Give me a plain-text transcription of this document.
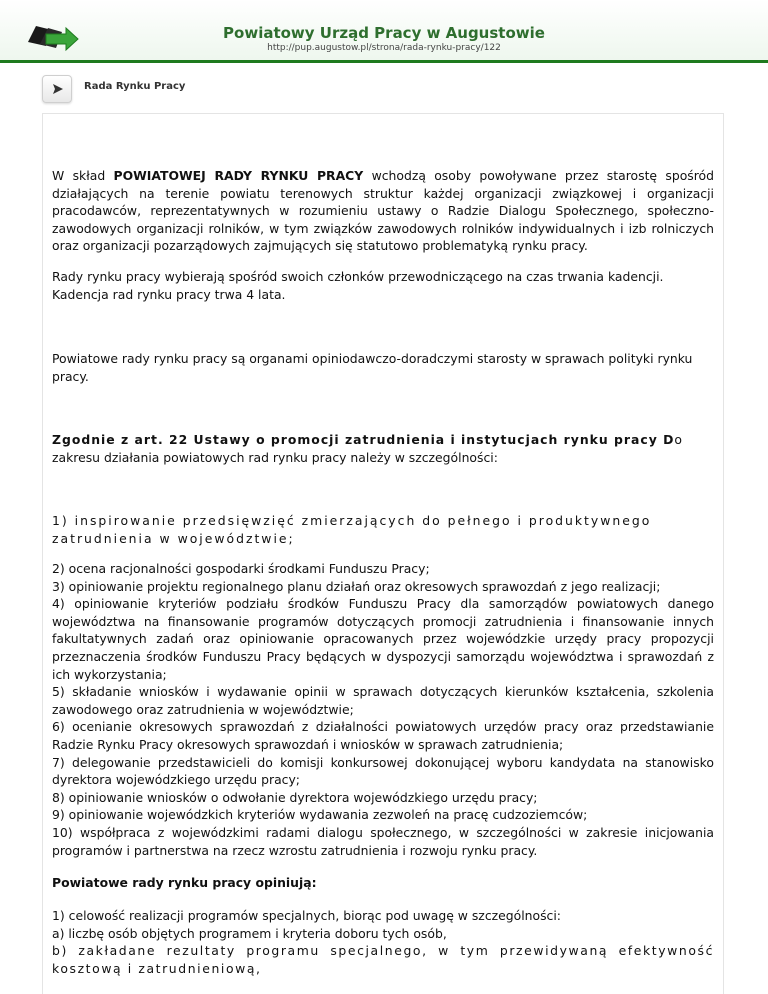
Powiatowy Urząd Pracy w Augustowie
http://pup.augustow.pl/strona/rada-rynku-pracy/122
Rada Rynku Pracy

W skład POWIATOWEJ RADY RYNKU PRACY wchodzą osoby powoływane przez starostę spośród działających na terenie powiatu terenowych struktur każdej organizacji związkowej i organizacji pracodawców, reprezentatywnych w rozumieniu ustawy o Radzie Dialogu Społecznego, społeczno-zawodowych organizacji rolników, w tym związków zawodowych rolników indywidualnych i izb rolniczych oraz organizacji pozarządowych zajmujących się statutowo problematyką rynku pracy.

Rady rynku pracy wybierają spośród swoich członków przewodniczącego na czas trwania kadencji. Kadencja rad rynku pracy trwa 4 lata.

Powiatowe rady rynku pracy są organami opiniodawczo-doradczymi starosty w sprawach polityki rynku pracy.

Zgodnie z art. 22 Ustawy o promocji zatrudnienia i instytucjach rynku pracy Do zakresu działania powiatowych rad rynku pracy należy w szczególności:

1) inspirowanie przedsięwzięć zmierzających do pełnego i produktywnego zatrudnienia w województwie;

2) ocena racjonalności gospodarki środkami Funduszu Pracy;
3) opiniowanie projektu regionalnego planu działań oraz okresowych sprawozdań z jego realizacji;
4) opiniowanie kryteriów podziału środków Funduszu Pracy dla samorządów powiatowych danego województwa na finansowanie programów dotyczących promocji zatrudnienia i finansowanie innych fakultatywnych zadań oraz opiniowanie opracowanych przez wojewódzkie urzędy pracy propozycji przeznaczenia środków Funduszu Pracy będących w dyspozycji samorządu województwa i sprawozdań z ich wykorzystania;
5) składanie wniosków i wydawanie opinii w sprawach dotyczących kierunków kształcenia, szkolenia zawodowego oraz zatrudnienia w województwie;
6) ocenianie okresowych sprawozdań z działalności powiatowych urzędów pracy oraz przedstawianie Radzie Rynku Pracy okresowych sprawozdań i wniosków w sprawach zatrudnienia;
7) delegowanie przedstawicieli do komisji konkursowej dokonującej wyboru kandydata na stanowisko dyrektora wojewódzkiego urzędu pracy;
8) opiniowanie wniosków o odwołanie dyrektora wojewódzkiego urzędu pracy;
9) opiniowanie wojewódzkich kryteriów wydawania zezwoleń na pracę cudzoziemców;
10) współpraca z wojewódzkimi radami dialogu społecznego, w szczególności w zakresie inicjowania programów i partnerstwa na rzecz wzrostu zatrudnienia i rozwoju rynku pracy.

Powiatowe rady rynku pracy opiniują:

1) celowość realizacji programów specjalnych, biorąc pod uwagę w szczególności:
a) liczbę osób objętych programem i kryteria doboru tych osób,
b) zakładane rezultaty programu specjalnego, w tym przewidywaną efektywność kosztową i zatrudnieniową,
